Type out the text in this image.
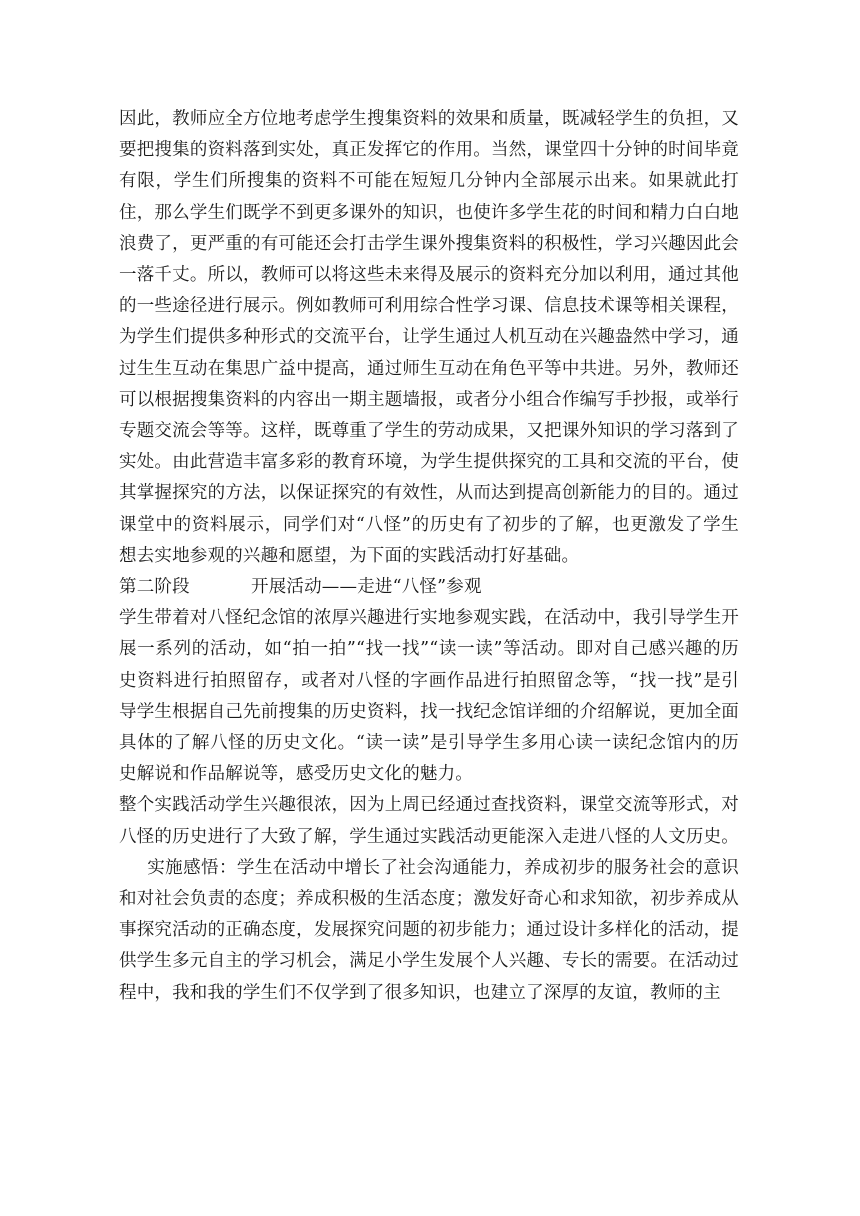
因此，教师应全方位地考虑学生搜集资料的效果和质量，既减轻学生的负担，又要把搜集的资料落到实处，真正发挥它的作用。当然，课堂四十分钟的时间毕竟有限，学生们所搜集的资料不可能在短短几分钟内全部展示出来。如果就此打住，那么学生们既学不到更多课外的知识，也使许多学生花的时间和精力白白地浪费了，更严重的有可能还会打击学生课外搜集资料的积极性，学习兴趣因此会一落千丈。所以，教师可以将这些未来得及展示的资料充分加以利用，通过其他的一些途径进行展示。例如教师可利用综合性学习课、信息技术课等相关课程，为学生们提供多种形式的交流平台，让学生通过人机互动在兴趣盎然中学习，通过生生互动在集思广益中提高，通过师生互动在角色平等中共进。另外，教师还可以根据搜集资料的内容出一期主题墙报，或者分小组合作编写手抄报，或举行专题交流会等等。这样，既尊重了学生的劳动成果，又把课外知识的学习落到了实处。由此营造丰富多彩的教育环境，为学生提供探究的工具和交流的平台，使其掌握探究的方法，以保证探究的有效性，从而达到提高创新能力的目的。通过课堂中的资料展示，同学们对“八怪”的历史有了初步的了解，也更激发了学生想去实地参观的兴趣和愿望，为下面的实践活动打好基础。

第二阶段	开展活动——走进“八怪”参观

学生带着对八怪纪念馆的浓厚兴趣进行实地参观实践，在活动中，我引导学生开展一系列的活动，如“拍一拍”“找一找”“读一读”等活动。即对自己感兴趣的历史资料进行拍照留存，或者对八怪的字画作品进行拍照留念等，“找一找”是引导学生根据自己先前搜集的历史资料，找一找纪念馆详细的介绍解说，更加全面具体的了解八怪的历史文化。“读一读”是引导学生多用心读一读纪念馆内的历史解说和作品解说等，感受历史文化的魅力。

整个实践活动学生兴趣很浓，因为上周已经通过查找资料，课堂交流等形式，对八怪的历史进行了大致了解，学生通过实践活动更能深入走进八怪的人文历史。实施感悟：学生在活动中增长了社会沟通能力，养成初步的服务社会的意识和对社会负责的态度；养成积极的生活态度；激发好奇心和求知欲，初步养成从事探究活动的正确态度，发展探究问题的初步能力；通过设计多样化的活动，提供学生多元自主的学习机会，满足小学生发展个人兴趣、专长的需要。在活动过程中，我和我的学生们不仅学到了很多知识，也建立了深厚的友谊，教师的主
